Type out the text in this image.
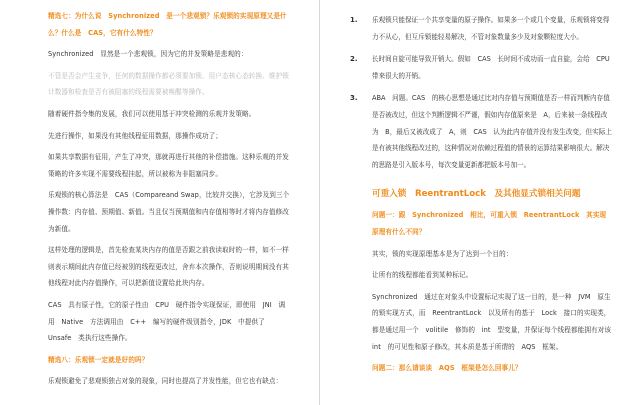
精选七：为什么说　Synchronized　是一个悲观锁？乐观锁的实现原理又是什么？什么是　CAS，它有什么特性？

Synchronized　显然是一个悲观锁，因为它的并发策略是悲观的：

不管是否会产生竞争，任何的数据操作都必须要加锁、用户态核心态转换、维护锁计数器和检查是否有被阻塞的线程需要被唤醒等操作。

随着硬件指令集的发展，我们可以使用基于冲突检测的乐观并发策略。

先进行操作，如果没有其他线程征用数据，那操作成功了；

如果共享数据有征用，产生了冲突，那就再进行其他的补偿措施。这种乐观的并发策略的许多实现不需要线程挂起，所以被称为非阻塞同步。

乐观锁的核心算法是　CAS（Compareand Swap，比较并交换），它涉及到三个操作数：内存值、预期值、新值。当且仅当预期值和内存值相等时才将内存值修改为新值。

这样处理的逻辑是，首先检查某块内存的值是否跟之前我读取时的一样，如不一样则表示期间此内存值已经被别的线程更改过，舍弃本次操作，否则说明期间没有其他线程对此内存值操作，可以把新值设置给此块内存。

CAS　具有原子性，它的原子性由　CPU　硬件指令实现保证，即使用　JNI　调用　Native　方法调用由　C++　编写的硬件级别指令，JDK　中提供了　Unsafe　类执行这些操作。

精选八：乐观锁一定就是好的吗？

乐观锁避免了悲观锁独占对象的现象，同时也提高了并发性能，但它也有缺点：

1. 乐观锁只能保证一个共享变量的原子操作。如果多一个或几个变量，乐观锁将变得力不从心，但互斥锁能轻易解决，不管对象数量多少及对象颗粒度大小。
2. 长时间自旋可能导致开销大。假如　CAS　长时间不成功而一直自旋，会给　CPU　带来很大的开销。
3. ABA　问题。CAS　的核心思想是通过比对内存值与预期值是否一样而判断内存值是否被改过，但这个判断逻辑不严谨，假如内存值原来是　A，后来被一条线程改为　B，最后又被改成了　A，则　CAS　认为此内存值并没有发生改变，但实际上是有被其他线程改过的，这种情况对依赖过程值的情景的运算结果影响很大。解决的思路是引入版本号，每次变量更新都把版本号加一。

可重入锁　ReentrantLock　及其他显式锁相关问题

问题一：跟　Synchronized　相比，可重入锁　ReentrantLock　其实现原理有什么不同？

其实，锁的实现原理基本是为了达到一个目的：

让所有的线程都能看到某种标记。

Synchronized　通过在对象头中设置标记实现了这一目的，是一种　JVM　原生的锁实现方式，而　ReentrantLock　以及所有的基于　Lock　接口的实现类，都是通过用一个　volitile　修饰的　int　型变量，并保证每个线程都能拥有对该　int　的可见性和原子修改，其本质是基于所谓的　AQS　框架。

问题二：那么请谈谈　AQS　框架是怎么回事儿？
